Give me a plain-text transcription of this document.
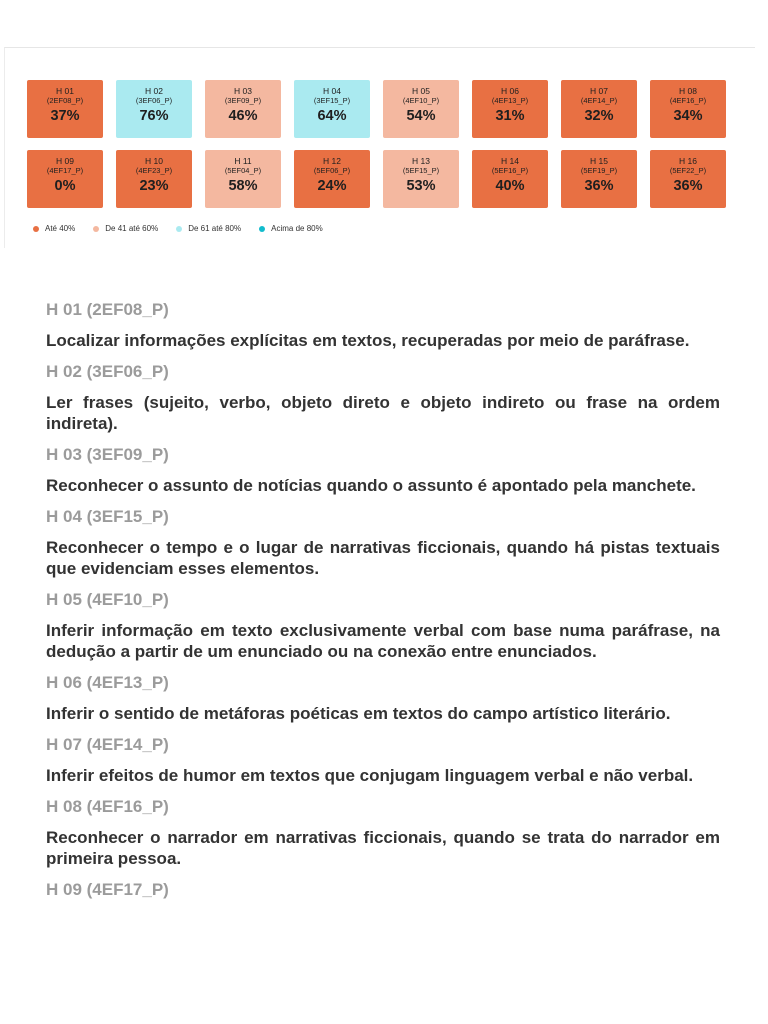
H 01
(2EF08_P)
37%
H 02
(3EF06_P)
76%
H 03
(3EF09_P)
46%
H 04
(3EF15_P)
64%
H 05
(4EF10_P)
54%
H 06
(4EF13_P)
31%
H 07
(4EF14_P)
32%
H 08
(4EF16_P)
34%
H 09
(4EF17_P)
0%
H 10
(4EF23_P)
23%
H 11
(5EF04_P)
58%
H 12
(5EF06_P)
24%
H 13
(5EF15_P)
53%
H 14
(5EF16_P)
40%
H 15
(5EF19_P)
36%
H 16
(5EF22_P)
36%
Até 40%	De 41 até 60%	De 61 até 80%	Acima de 80%
H 01 (2EF08_P)
Localizar informações explícitas em textos, recuperadas por meio de paráfrase.
H 02 (3EF06_P)
Ler frases (sujeito, verbo, objeto direto e objeto indireto ou frase na ordem indireta).
H 03 (3EF09_P)
Reconhecer o assunto de notícias quando o assunto é apontado pela manchete.
H 04 (3EF15_P)
Reconhecer o tempo e o lugar de narrativas ficcionais, quando há pistas textuais que evidenciam esses elementos.
H 05 (4EF10_P)
Inferir informação em texto exclusivamente verbal com base numa paráfrase, na dedução a partir de um enunciado ou na conexão entre enunciados.
H 06 (4EF13_P)
Inferir o sentido de metáforas poéticas em textos do campo artístico literário.
H 07 (4EF14_P)
Inferir efeitos de humor em textos que conjugam linguagem verbal e não verbal.
H 08 (4EF16_P)
Reconhecer o narrador em narrativas ficcionais, quando se trata do narrador em primeira pessoa.
H 09 (4EF17_P)
